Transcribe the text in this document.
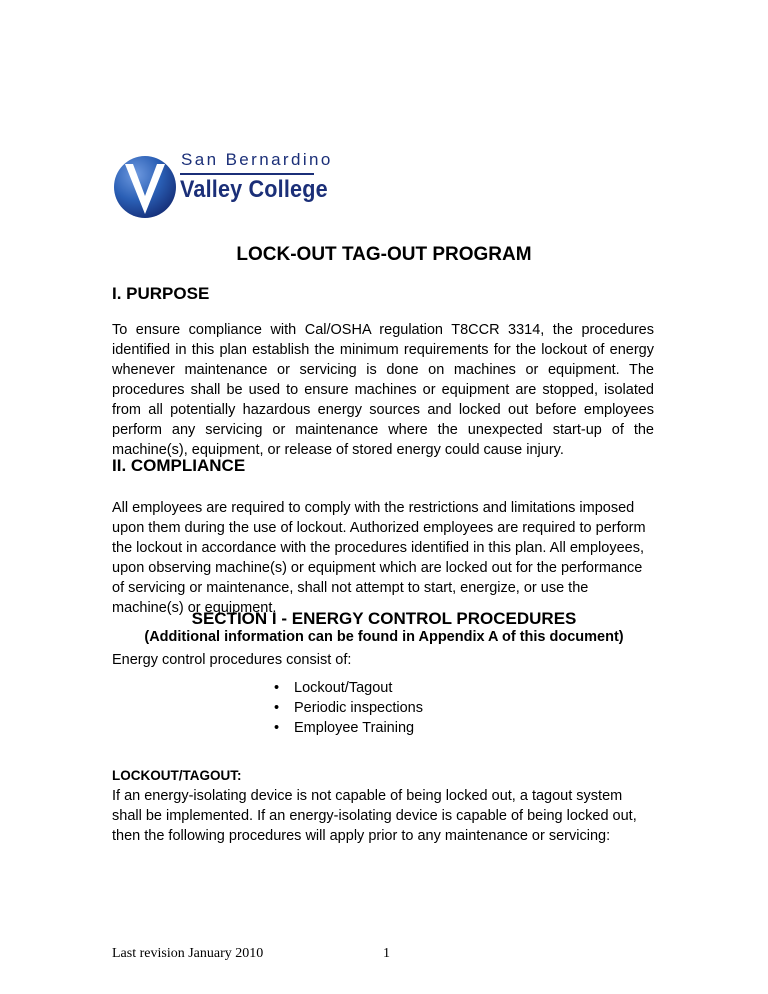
San Bernardino
Valley College
LOCK-OUT TAG-OUT PROGRAM
I. PURPOSE
To ensure compliance with Cal/OSHA regulation T8CCR 3314, the procedures identified in this plan establish the minimum requirements for the lockout of energy whenever maintenance or servicing is done on machines or equipment. The procedures shall be used to ensure machines or equipment are stopped, isolated from all potentially hazardous energy sources and locked out before employees perform any servicing or maintenance where the unexpected start-up of the machine(s), equipment, or release of stored energy could cause injury.
II. COMPLIANCE
All employees are required to comply with the restrictions and limitations imposed upon them during the use of lockout. Authorized employees are required to perform the lockout in accordance with the procedures identified in this plan. All employees, upon observing machine(s) or equipment which are locked out for the performance of servicing or maintenance, shall not attempt to start, energize, or use the machine(s) or equipment.
SECTION I - ENERGY CONTROL PROCEDURES
(Additional information can be found in Appendix A of this document)
Energy control procedures consist of:
• Lockout/Tagout
• Periodic inspections
• Employee Training
LOCKOUT/TAGOUT:
If an energy-isolating device is not capable of being locked out, a tagout system shall be implemented. If an energy-isolating device is capable of being locked out, then the following procedures will apply prior to any maintenance or servicing:
Last revision January 2010	1
